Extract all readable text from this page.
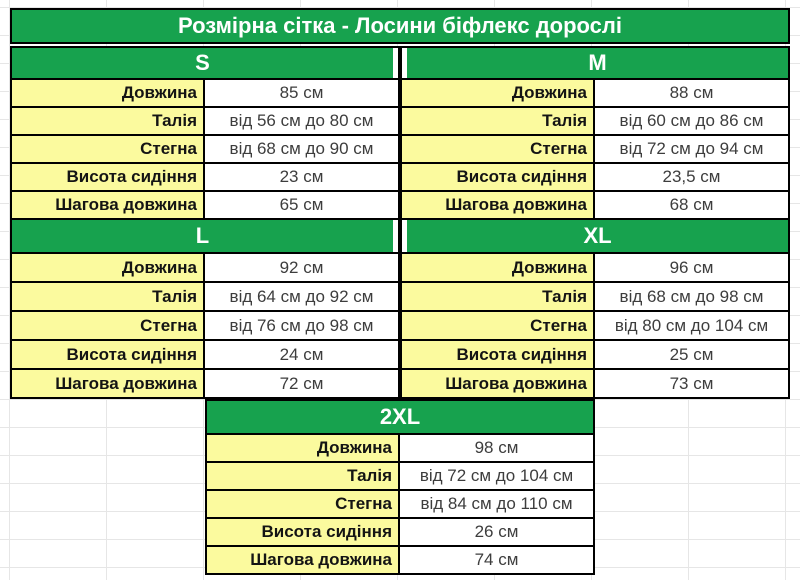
Розмірна сітка - Лосини біфлекс дорослі
S
Довжина	85 см
Талія	від 56 см до 80 см
Стегна	від 68 см до 90 см
Висота сидіння	23 см
Шагова довжина	65 см
M
Довжина	88 см
Талія	від 60 см до 86 см
Стегна	від 72 см до 94 см
Висота сидіння	23,5 см
Шагова довжина	68 см
L
Довжина	92 см
Талія	від 64 см до 92 см
Стегна	від 76 см до 98 см
Висота сидіння	24 см
Шагова довжина	72 см
XL
Довжина	96 см
Талія	від 68 см до 98 см
Стегна	від 80 см до 104 см
Висота сидіння	25 см
Шагова довжина	73 см
2XL
Довжина	98 см
Талія	від 72 см до 104 см
Стегна	від 84 см до 110 см
Висота сидіння	26 см
Шагова довжина	74 см
